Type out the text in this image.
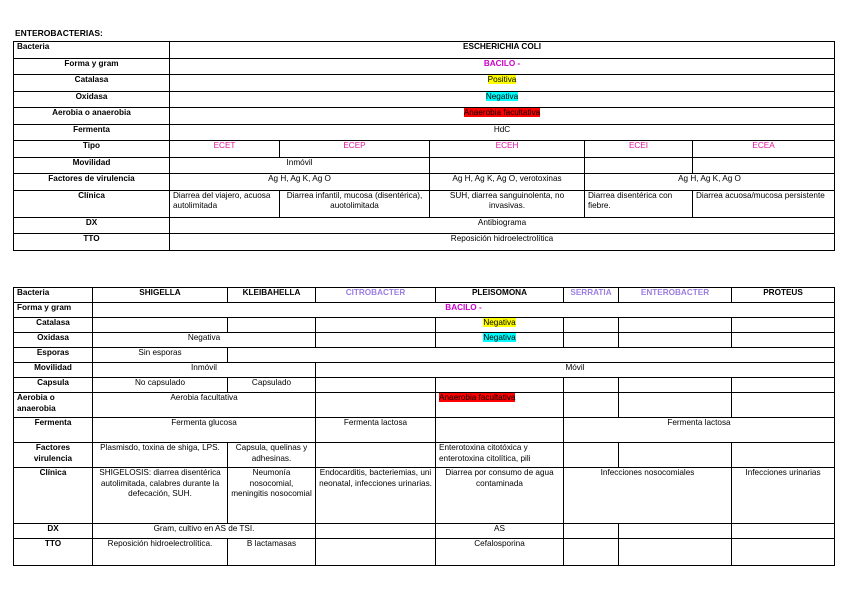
ENTEROBACTERIAS:
Bacteria	ESCHERICHIA COLI				
Forma y gram	BACILO -				
Catalasa	Positiva				
Oxidasa	Negativa				
Aerobia o anaerobia	Anaerobia facultativa				
Fermenta	HdC				
Tipo	ECET	ECEP	ECEH	ECEI	ECEA
Movilidad	Inmóvil				
Factores de virulencia	Ag H, Ag K, Ag O		Ag H, Ag K, Ag O, verotoxinas	Ag H, Ag K, Ag O	
Clínica	Diarrea del viajero, acuosa autolimitada	Diarrea infantil, mucosa (disentérica), auotolimitada	SUH, diarrea sanguinolenta, no invasivas.	Diarrea disentérica con fiebre.	Diarrea acuosa/mucosa persistente
DX	Antibiograma				
TTO	Reposición hidroelectrolítica				
Bacteria	SHIGELLA	KLEIBAHELLA	CITROBACTER	PLEISOMONA	SERRATIA	ENTEROBACTER	PROTEUS
Forma y gram	BACILO -						
Catalasa				Negativa			
Oxidasa	Negativa			Negativa			
Esporas	Sin esporas						
Movilidad	Inmóvil		Móvil				
Capsula	No capsulado	Capsulado					
Aerobia o anaerobia	Aerobia facultativa			Anaerobia facultativa			
Fermenta	Fermenta glucosa		Fermenta lactosa		Fermenta lactosa		
Factores virulencia	Plasmisdo, toxina de shiga, LPS.	Capsula, quelinas y adhesinas.		Enterotoxina citotóxica y enterotoxina citolítica, pili			
Clínica	SHIGELOSIS: diarrea disentérica autolimitada, calabres durante la defecación, SUH.	Neumonía nosocomial, meningitis nosocomial	Endocarditis, bacteriemias, uni neonatal, infecciones urinarias.	Diarrea por consumo de agua contaminada	Infecciones nosocomiales		Infecciones urinarias
DX	Gram, cultivo en AS de TSI.			AS			
TTO	Reposición hidroelectrolítica.	B lactamasas		Cefalosporina			
